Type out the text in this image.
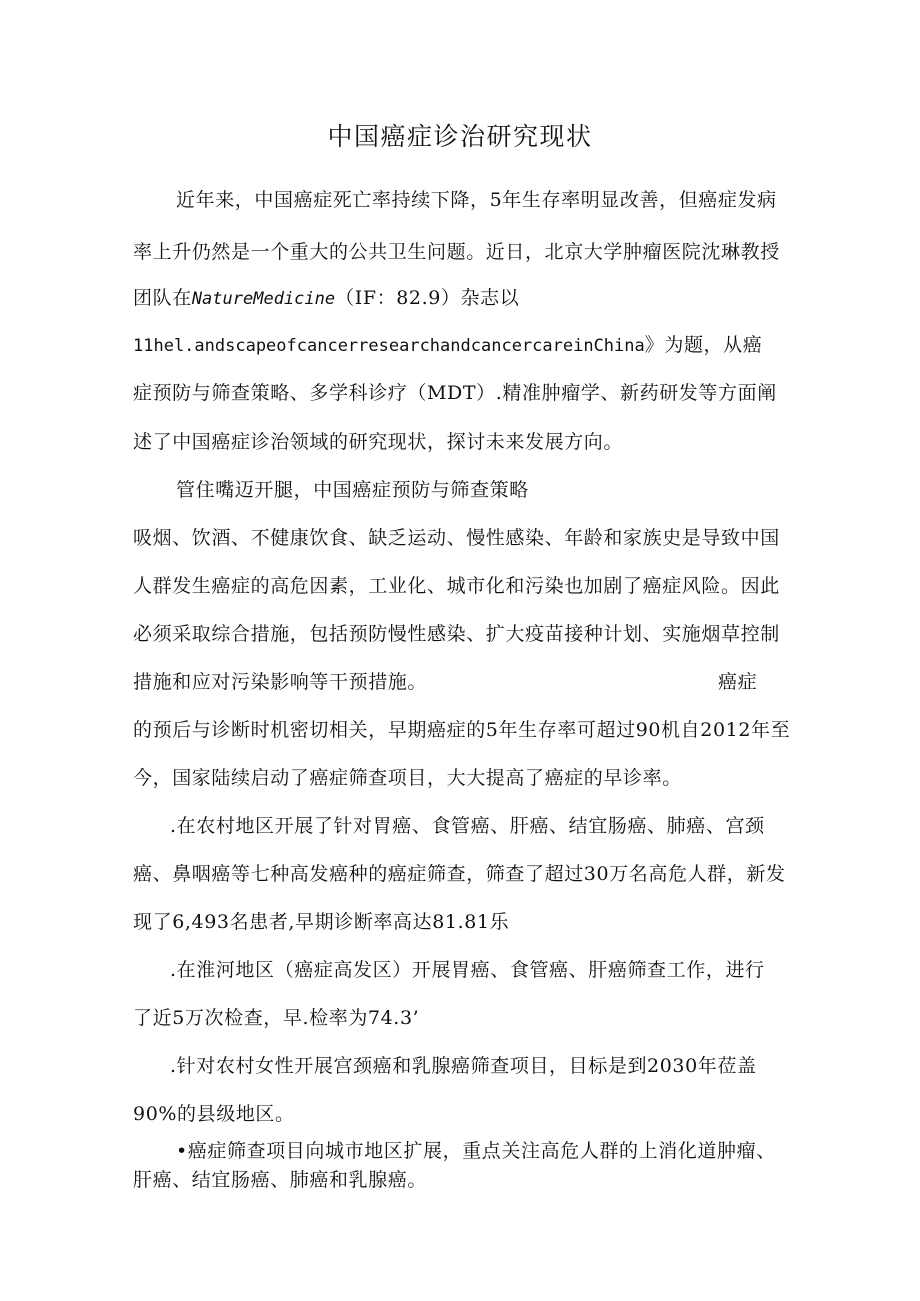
中国癌症诊治研究现状
近年来，中国癌症死亡率持续下降，5年生存率明显改善，但癌症发病
率上升仍然是一个重大的公共卫生问题。近日，北京大学肿瘤医院沈琳教授
团队在NatureMedicine（IF：82.9）杂志以
11hel.andscapeofcancerresearchandcancercareinChina》为题，从癌
症预防与筛查策略、多学科诊疗（MDT）.精准肿瘤学、新药研发等方面阐
述了中国癌症诊治领域的研究现状，探讨未来发展方向。
管住嘴迈开腿，中国癌症预防与筛查策略
吸烟、饮酒、不健康饮食、缺乏运动、慢性感染、年龄和家族史是导致中国
人群发生癌症的高危因素，工业化、城市化和污染也加剧了癌症风险。因此
必须采取综合措施，包括预防慢性感染、扩大疫苗接种计划、实施烟草控制
措施和应对污染影响等干预措施。	癌症
的预后与诊断时机密切相关，早期癌症的5年生存率可超过90机自2012年至
今，国家陆续启动了癌症筛查项目，大大提高了癌症的早诊率。
.在农村地区开展了针对胃癌、食管癌、肝癌、结宜肠癌、肺癌、宫颈
癌、鼻咽癌等七种高发癌种的癌症筛查，筛查了超过30万名高危人群，新发
现了6,493名患者,早期诊断率高达81.81乐
.在淮河地区（癌症高发区）开展胃癌、食管癌、肝癌筛查工作，进行
了近5万次检查，早.检率为74.3’
.针对农村女性开展宫颈癌和乳腺癌筛查项目，目标是到2030年莅盖
90%的县级地区。
•癌症筛查项目向城市地区扩展，重点关注高危人群的上消化道肿瘤、
肝癌、结宜肠癌、肺癌和乳腺癌。
